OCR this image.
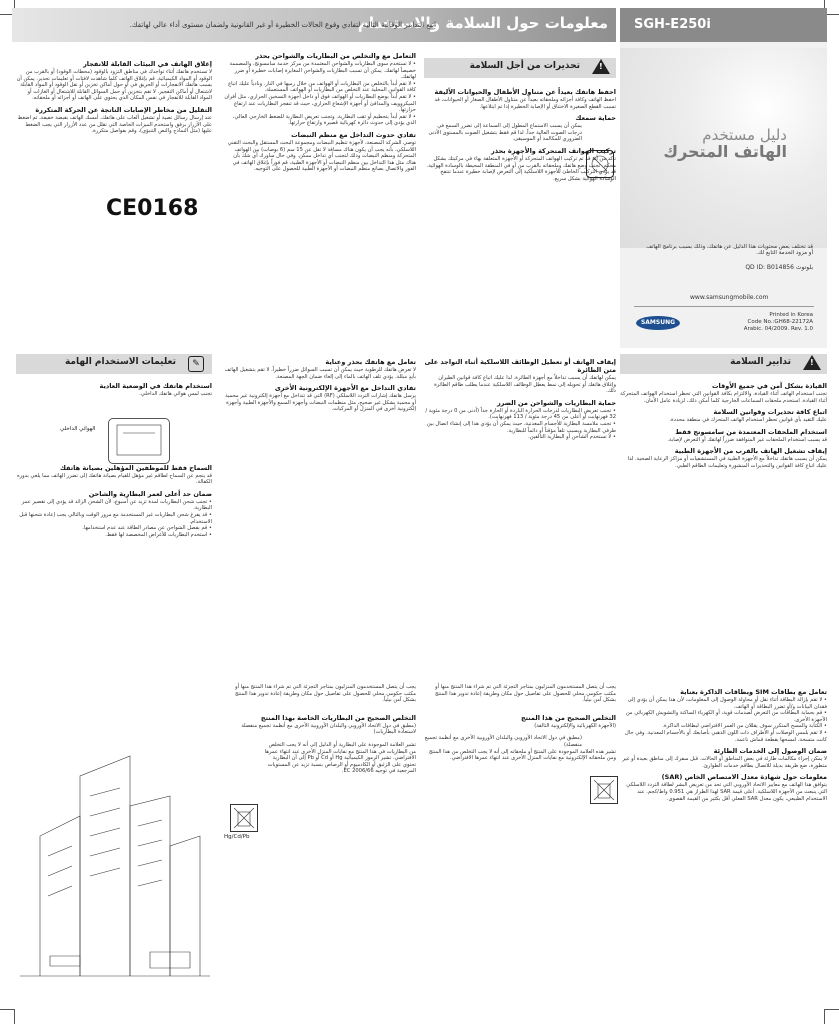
معلومات حول السلامة والاستخدام
اتبع التدابير الوقائية التالية لتفادي وقوع الحالات الخطيرة أو غير القانونية ولضمان مستوى أداء عالي لهاتفك.	SGH-E250i
دليل مستخدم
الهاتف المتحرك
قد تختلف بعض محتويات هذا الدليل عن هاتفك، وذلك بسبب برنامج الهاتف أو مزود الخدمة التابع لك.
QD ID: B014856 بلوتوث
www.samsungmobile.com
SAMSUNG
Printed in Korea
Code No.:GH68-22172A
Arabic. 04/2009. Rev. 1.0
!
تحذيرات من أجل السلامة
احفظ هاتفك بعيداً عن متناول الأطفال والحيوانات الأليفة

احفظ الهاتف وكافة أجزائه وملحقاته بعيداً عن متناول الأطفال الصغار أو الحيوانات، قد تسبب القطع الصغيرة الاختناق أو الإصابة الخطيرة إذا تم ابتلاعها.

حماية سمعك

يمكن أن يسبب الاستماع المطول إلى السماعة إلى تضرر السمع في درجات الصوت العالية جداً. لذا قم فقط بتشغيل الصوت بالمستوى الأدنى الضروري للمكالمة أو الموسيقى.

تركيب الهواتف المتحركة والأجهزة بحذر

تأكد من أنه قد تم تركيب الهواتف المتحركة أو الأجهزة المتعلقة بهاء في مركبتك بشكل محكم. تجنب وضع هاتفك وملحقاته بالقرب من أو في المنطقة المحيطة بالوسادة الهوائية. قد يؤدي التركيب الخاطئ للأجهزة اللاسلكية إلى التعرض لإصابة خطيرة عندما تنتفخ الوسادة الهوائية بشكل سريع.

التعامل مع والتخلص من البطاريات والشواحن بحذر

• لا تستخدم سوى البطاريات والشواحن المعتمدة من مركز خدمة سامسونج، والمصممة خصيصاً لهاتفك. يمكن أن تسبب البطاريات والشواحن المغايرة إصابات خطيرة أو ضرر لهاتفك.

• لا تقم أبداً بالتخلص من البطاريات أو الهواتف من خلال رميها في النار. ونادياً عليك اتباع كافة القوانين المحلية عند التخلص من البطاريات أو الهواتف المستعملة.

• لا تقم أبداً بوضع البطاريات أو الهواتف فوق أو داخل أجهزة التسخين الحراري، مثل أفران الميكروويف والمدافئ أو أجهزة الإشعاع الحراري، حيث قد تنفجر البطاريات عند ارتفاع حرارتها.

• لا تقم أبداً بتحطيم أو ثقب البطارية. وتجنب تعريض البطارية للضغط الخارجي العالي، الذي يؤدي إلى حدوث دائرة كهربائية قصيرة وارتفاع حرارتها.

تفادي حدوث التداخل مع منظم النبضات

توصي الشركة المصنعة، لأجهزة تنظيم النبضات ومجموعة البحث المستقل والبحث التقني اللاسلكي، بأنه يجب أن يكون هناك مسافة لا تقل عن 15 سم (6 بوصات) بين الهواتف المتحركة ومنظم النبضات وذلك لتجنب أي تداخل ممكن. وفي حال ساورك أي شك بأن هناك مثل هذا التداخل بين منظم النبضات أو الأجهزة الطبية، قم فوراً بإغلاق الهاتف في الفور والاتصال بصانع منظم النبضات أو الأجهزة الطبية للحصول على التوجيه.

إغلاق الهاتف في البيئات القابلة للانفجار

لا تستخدم هاتفك أثناء تواجدك في مناطق التزود بالوقود (محطات الوقود) أو بالقرب من الوقود أو المواد الكيميائية. قم بإغلاق الهاتف كلما شاهدت لافتات أو تعليمات تحذير. يمكن أن يسبب هاتفك الانفجارات أو الحريق في أو حول أماكن تخزين أو نقل الوقود أو المواد القابلة لاشتعال أو أماكن التفجير. لا تقم بتخزين أو حمل السوائل القابلة للاشتعال أو الغازات أو المواد القابلة للانفجار في نفس المكان الذي يحتوي على الهاتف أو أجزائه أو ملحقاته.

التقليل من مخاطر الإصابات الناتجة عن الحركة المتكررة

عند إرسال رسائل نصية أو تشغيل ألعاب على هاتفك، أمسك الهاتف بقبضة خفيفة، ثم اضغط على الأزرار برفق واستخدم الميزات الخاصة التي تقلل من عدد الأزرار التي يجب الضغط عليها (مثل النماذج والنص التنبؤي)، وقم بفواصل متكررة.

CE0168
!
تدابير السلامة
القيادة بشكل آمن في جميع الأوقات

تجنب استخدام الهاتف أثناء القيادة، والالتزام بكافة القوانين التي تحظر استخدام الهواتف المتحركة أثناء القيادة. استخدم ملحقات السماعات الخارجية كلما أمكن ذلك، لزيادة عامل الأمان.

اتباع كافة تحذيرات وقوانين السلامة

عليك التقيد بأي قوانين تحظر استخدام الهاتف المتحرك في منطقة محددة.

استخدام الملحقات المعتمدة من سامسونج فقط

قد يسبب استخدام الملحقات غير المتوافقة ضرراً لهاتفك أو التعرض لإصابة.

إيقاف تشغيل الهاتف بالقرب من الأجهزة الطبية

يمكن أن يسبب هاتفك تداخلاً مع الأجهزة الطبية في المستشفيات أو مراكز الرعاية الصحية. لذا عليك اتباع كافة القوانين والتحذيرات المنشورة وتعليمات الطاقم الطبي.

إيقاف الهاتف أو تعطيل الوظائف اللاسلكية أثناء التواجد على متن الطائرة

يمكن لهاتفك أن يسبب تداخلاً مع أجهزة الطائرة. لذا عليك اتباع كافة قوانين الطيران وإغلاق هاتفك أو تحويله إلى نمط يعطل الوظائف اللاسلكية عندما يطلب طاقم الطائرة ذلك.

حماية البطاريات والشواحن من الضرر

• تجنب تعريض البطاريات لدرجات الحرارة الباردة أو الحارة جداً (أدنى من 0 درجة مئوية / 32 فهرنهايت أو أعلى من 45 درجة مئوية / 113 فهرنهايت).

• تجنب ملامسة البطارية للأجسام المعدنية، حيث يمكن أن يؤدي هذا إلى إنشاء اتصال بين طرفي البطارية ويسبب تلفاً مؤقتاً أو دائماً للبطارية.

• لا تستخدم الشاحن أو البطارية التالفين.

تعامل مع هاتفك بحذر وعناية

لا تعرض هاتفك للرطوبة حيث يمكن أن تسبب السوائل ضرراً خطيراً. لا تقم بتشغيل الهاتف بأيدٍ مبللة. يؤدي تلف الهاتف بالماء إلى إلغاء ضمان الجهة المصنعة.

تفادي التداخل مع الأجهزة الإلكترونية الأخرى

يرسل هاتفك إشارات التردد اللاسلكي (RF) التي قد تتداخل مع أجهزة إلكترونية غير محمية أو محمية بشكل غير صحيح، مثل منظمات النبضات وأجهزة السمع والأجهزة الطبية وأجهزة إلكترونية أخرى في المنزل أو المركبات.

✎
تعليمات الاستخدام الهامة
استخدام هاتفك في الوضعية العادية

تجنب لمس هوائي هاتفك الداخلي.

السماح فقط للموظفين المؤهلين بصيانة هاتفك

قد ينجم عن السماح لطاقم غير مؤهل للقيام بصيانة هاتفك إلى تضرر الهاتف مما يلغي بدوره الكفالة.

ضمان حد أعلى لعمر البطارية والشاحن

• تجنب شحن البطاريات لمدة تزيد عن أسبوع، لأن الشحن الزائد قد يؤدي إلى تقصير عمر البطارية.

• قد يفرغ شحن البطاريات غير المستخدمة مع مرور الوقت وبالتالي يجب إعادة شحنها قبل الاستخدام.

• قم بفصل الشواحن عن مصادر الطاقة عند عدم استخدامها.

• استخدم البطاريات للأغراض المخصصة لها فقط.

الهوائي الداخلي
تعامل مع بطاقات SIM وبطاقات الذاكرة بعناية

• لا تقم بإزالة البطاقة أثناء نقل أو محاولة الوصول إلى المعلومات، لأن هذا يمكن أن يؤدي إلى فقدان البيانات و/أو تضرر البطاقة أو الهاتف.

• قم بحماية البطاقات من التعرض لصدمات قوية، أو الكهرباء الساكنة والتشويش الكهربائي من الأجهزة الأخرى.

• الكتابة والمسح المتكرر سوف يقللان من العمر الافتراضي لبطاقات الذاكرة.

• لا تقم بلمس الوصلات أو الأطراف ذات اللون الذهبي بأصابعك أو بالأجسام المعدنية. وفي حال كانت متسخة، امسحها بقطعة قماش ناعمة.

ضمان الوصول إلى الخدمات الطارئة

لا يمكن إجراء مكالمات طارئة في بعض المناطق أو الحالات. قبل سفرك إلى مناطق بعيدة أو غير متطورة، ضع طريقة بديلة للاتصال بطاقم خدمات الطوارئ.

معلومات حول شهادة معدل الامتصاص الخاص (SAR)

يتوافق هذا الهاتف مع معايير الاتحاد الأوروبي التي تحد من تعريض البشر لطاقة التردد اللاسلكي التي ينبعث من الأجهزة اللاسلكية. أعلى قيمة SAR لهذا الطراز هي 0.951 واط/كجم. عند الاستخدام الطبيعي، يكون معدل SAR الفعلي أقل بكثير من القيمة القصوى.

يجب أن يتصل المستخدمون المنزليون بمتاجر التجزئة التي تم شراء هذا المنتج منها أو مكتب حكومي محلي للحصول على تفاصيل حول مكان وطريقة إعادة تدوير هذا المنتج بشكل آمن بيئياً.

التخلص الصحيح من هذا المنتج

(الأجهزة الكهربائية والإلكترونية التالفة)

(مطبق في دول الاتحاد الأوروبي والبلدان الأوروبية الأخرى مع أنظمة تجميع منفصلة)

تشير هذه العلامة الموجودة على المنتج أو ملحقاته إلى أنه لا يجب التخلص من هذا المنتج ومن ملحقاته الإلكترونية مع نفايات المنزل الأخرى عند انتهاء عمرها الافتراضي.

يجب أن يتصل المستخدمون المنزليون بمتاجر التجزئة التي تم شراء هذا المنتج منها أو مكتب حكومي محلي للحصول على تفاصيل حول مكان وطريقة إعادة تدوير هذا المنتج بشكل آمن بيئياً.

التخلص الصحيح من البطاريات الخاصة بهذا المنتج

(مطبق في دول الاتحاد الأوروبي والبلدان الأوروبية الأخرى مع أنظمة تجميع منفصلة لاستعادة البطاريات)

تشير العلامة الموجودة على البطارية أو الدليل إلى أنه لا يجب التخلص من البطاريات في هذا المنتج مع نفايات المنزل الأخرى عند انتهاء عمرها الافتراضي. تشير الرموز الكيميائية Hg أو Cd أو Pb إلى أن البطارية تحتوي على الزئبق أو الكادميوم أو الرصاص بنسبة تزيد عن المستويات المرجعية في توجيه EC 2006/66.

Hg/Cd/Pb
